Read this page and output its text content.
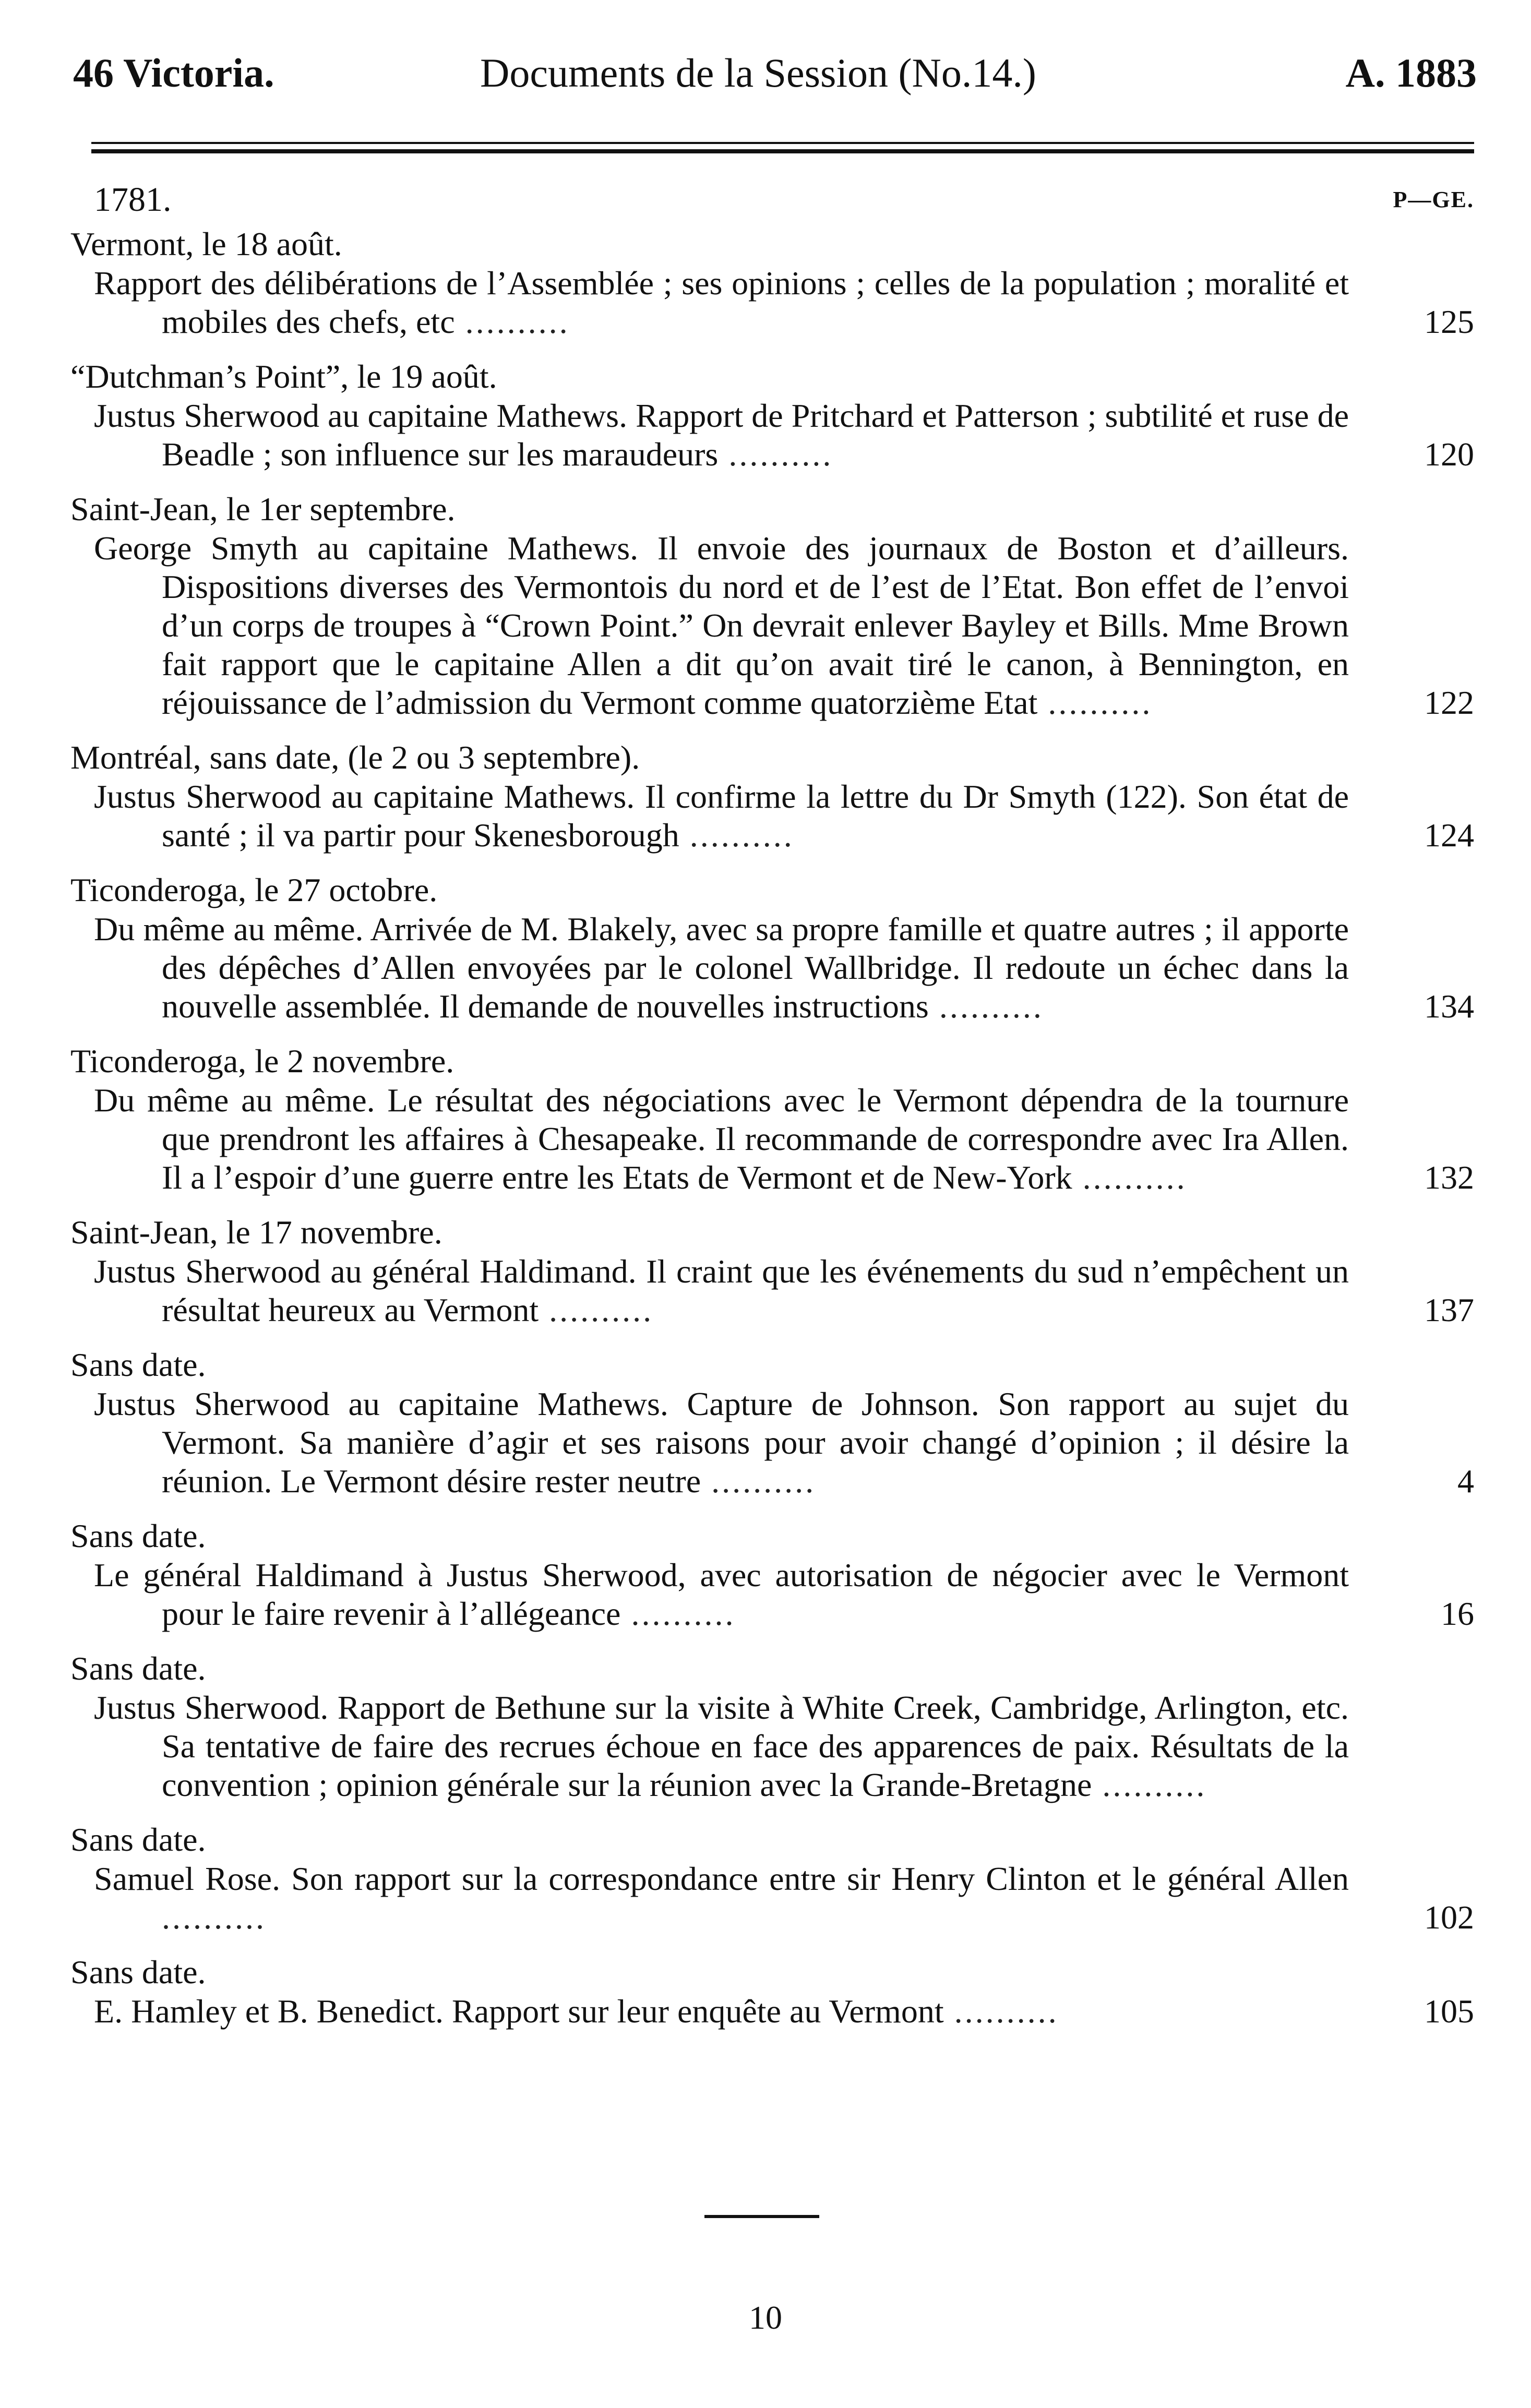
46 Victoria.	Documents de la Session (No.14.)	A. 1883
1781.	P—GE.
Vermont, le 18 août.
Rapport des délibérations de l’Assemblée ; ses opinions ; celles de la population ; moralité et mobiles des chefs, etc ..........	125
“Dutchman’s Point”, le 19 août.
Justus Sherwood au capitaine Mathews. Rapport de Pritchard et Patterson ; subtilité et ruse de Beadle ; son influence sur les maraudeurs ..........	120
Saint-Jean, le 1er septembre.
George Smyth au capitaine Mathews. Il envoie des journaux de Boston et d’ailleurs. Dispositions diverses des Vermontois du nord et de l’est de l’Etat. Bon effet de l’envoi d’un corps de troupes à “Crown Point.” On devrait enlever Bayley et Bills. Mme Brown fait rapport que le capitaine Allen a dit qu’on avait tiré le canon, à Bennington, en réjouissance de l’admission du Vermont comme quatorzième Etat ..........	122
Montréal, sans date, (le 2 ou 3 septembre).
Justus Sherwood au capitaine Mathews. Il confirme la lettre du Dr Smyth (122). Son état de santé ; il va partir pour Skenesborough ..........	124
Ticonderoga, le 27 octobre.
Du même au même. Arrivée de M. Blakely, avec sa propre famille et quatre autres ; il apporte des dépêches d’Allen envoyées par le colonel Wallbridge. Il redoute un échec dans la nouvelle assemblée. Il demande de nouvelles instructions ..........	134
Ticonderoga, le 2 novembre.
Du même au même. Le résultat des négociations avec le Vermont dépendra de la tournure que prendront les affaires à Chesapeake. Il recommande de correspondre avec Ira Allen. Il a l’espoir d’une guerre entre les Etats de Vermont et de New-York ..........	132
Saint-Jean, le 17 novembre.
Justus Sherwood au général Haldimand. Il craint que les événements du sud n’empêchent un résultat heureux au Vermont ..........	137
Sans date.
Justus Sherwood au capitaine Mathews. Capture de Johnson. Son rapport au sujet du Vermont. Sa manière d’agir et ses raisons pour avoir changé d’opinion ; il désire la réunion. Le Vermont désire rester neutre ..........	4
Sans date.
Le général Haldimand à Justus Sherwood, avec autorisation de négocier avec le Vermont pour le faire revenir à l’allégeance ..........	16
Sans date.
Justus Sherwood. Rapport de Bethune sur la visite à White Creek, Cambridge, Arlington, etc. Sa tentative de faire des recrues échoue en face des apparences de paix. Résultats de la convention ; opinion générale sur la réunion avec la Grande-Bretagne ..........
Sans date.
Samuel Rose. Son rapport sur la correspondance entre sir Henry Clinton et le général Allen ..........	102
Sans date.
E. Hamley et B. Benedict. Rapport sur leur enquête au Vermont ..........	105
10
